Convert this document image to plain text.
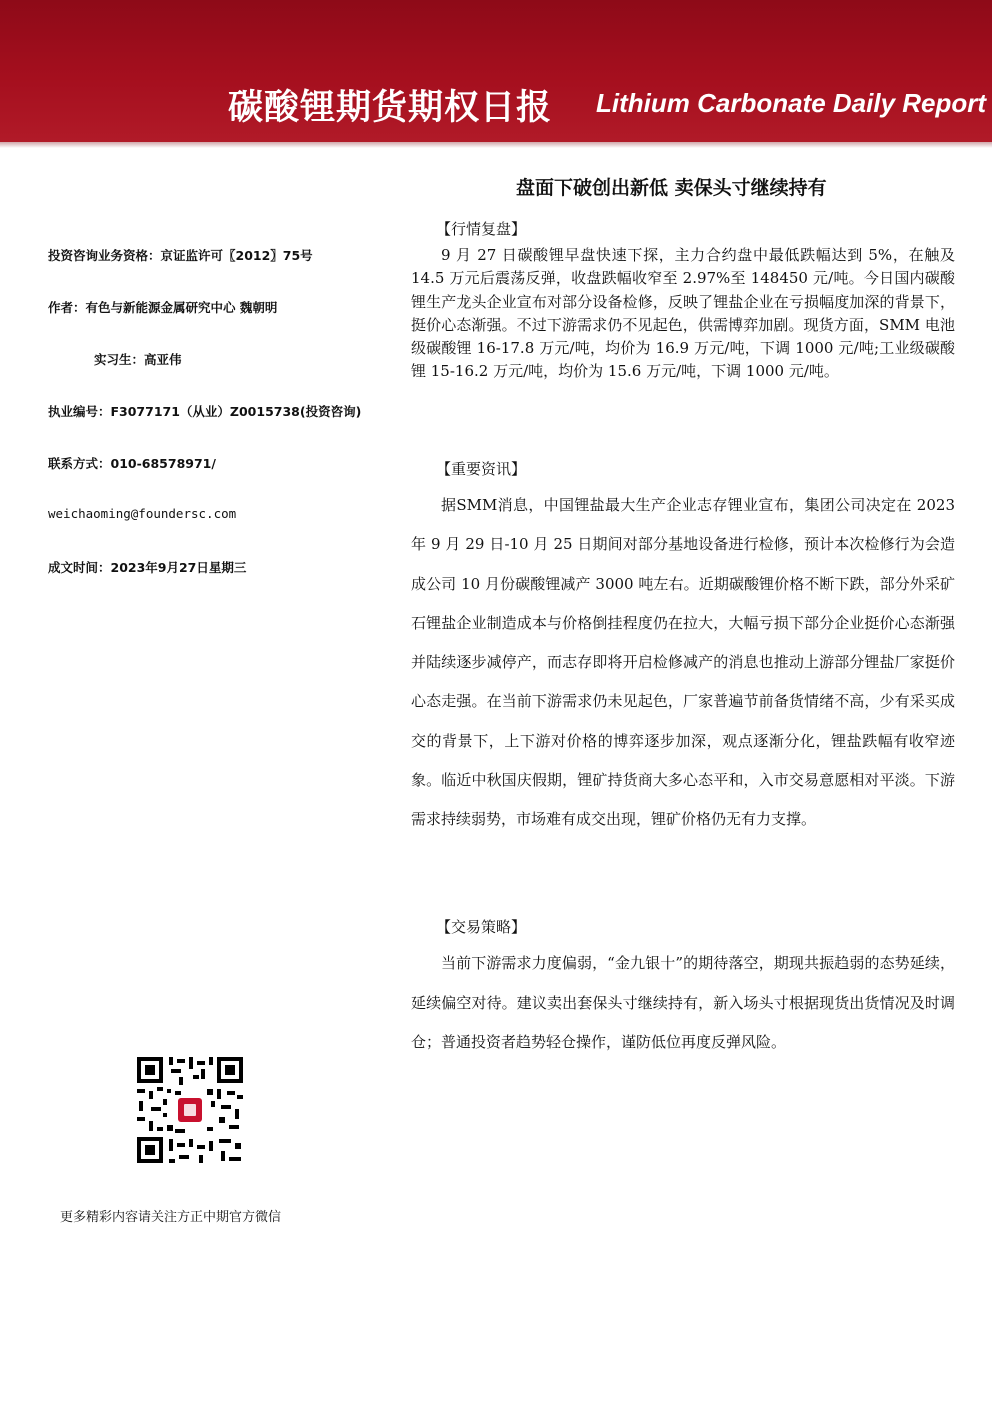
碳酸锂期货期权日报 Lithium Carbonate Daily Report
盘面下破创出新低 卖保头寸继续持有
投资咨询业务资格：京证监许可〖2012〗75号
作者：有色与新能源金属研究中心 魏朝明
实习生：高亚伟
执业编号：F3077171（从业）Z0015738(投资咨询)
联系方式：010-68578971/
weichaoming@foundersc.com
成文时间：2023年9月27日星期三
【行情复盘】

9 月 27 日碳酸锂早盘快速下探，主力合约盘中最低跌幅达到 5%，在触及 14.5 万元后震荡反弹，收盘跌幅收窄至 2.97%至 148450 元/吨。今日国内碳酸锂生产龙头企业宣布对部分设备检修，反映了锂盐企业在亏损幅度加深的背景下，挺价心态渐强。不过下游需求仍不见起色，供需博弈加剧。现货方面，SMM 电池级碳酸锂 16-17.8 万元/吨，均价为 16.9 万元/吨，下调 1000 元/吨;工业级碳酸锂 15-16.2 万元/吨，均价为 15.6 万元/吨，下调 1000 元/吨。

【重要资讯】

据SMM消息，中国锂盐最大生产企业志存锂业宣布，集团公司决定在 2023 年 9 月 29 日-10 月 25 日期间对部分基地设备进行检修，预计本次检修行为会造成公司 10 月份碳酸锂减产 3000 吨左右。近期碳酸锂价格不断下跌，部分外采矿石锂盐企业制造成本与价格倒挂程度仍在拉大，大幅亏损下部分企业挺价心态渐强并陆续逐步减停产，而志存即将开启检修减产的消息也推动上游部分锂盐厂家挺价心态走强。在当前下游需求仍未见起色，厂家普遍节前备货情绪不高，少有采买成交的背景下，上下游对价格的博弈逐步加深，观点逐渐分化，锂盐跌幅有收窄迹象。临近中秋国庆假期，锂矿持货商大多心态平和，入市交易意愿相对平淡。下游需求持续弱势，市场难有成交出现，锂矿价格仍无有力支撑。

【交易策略】

当前下游需求力度偏弱，“金九银十”的期待落空，期现共振趋弱的态势延续，延续偏空对待。建议卖出套保头寸继续持有，新入场头寸根据现货出货情况及时调仓；普通投资者趋势轻仓操作，谨防低位再度反弹风险。

更多精彩内容请关注方正中期官方微信
